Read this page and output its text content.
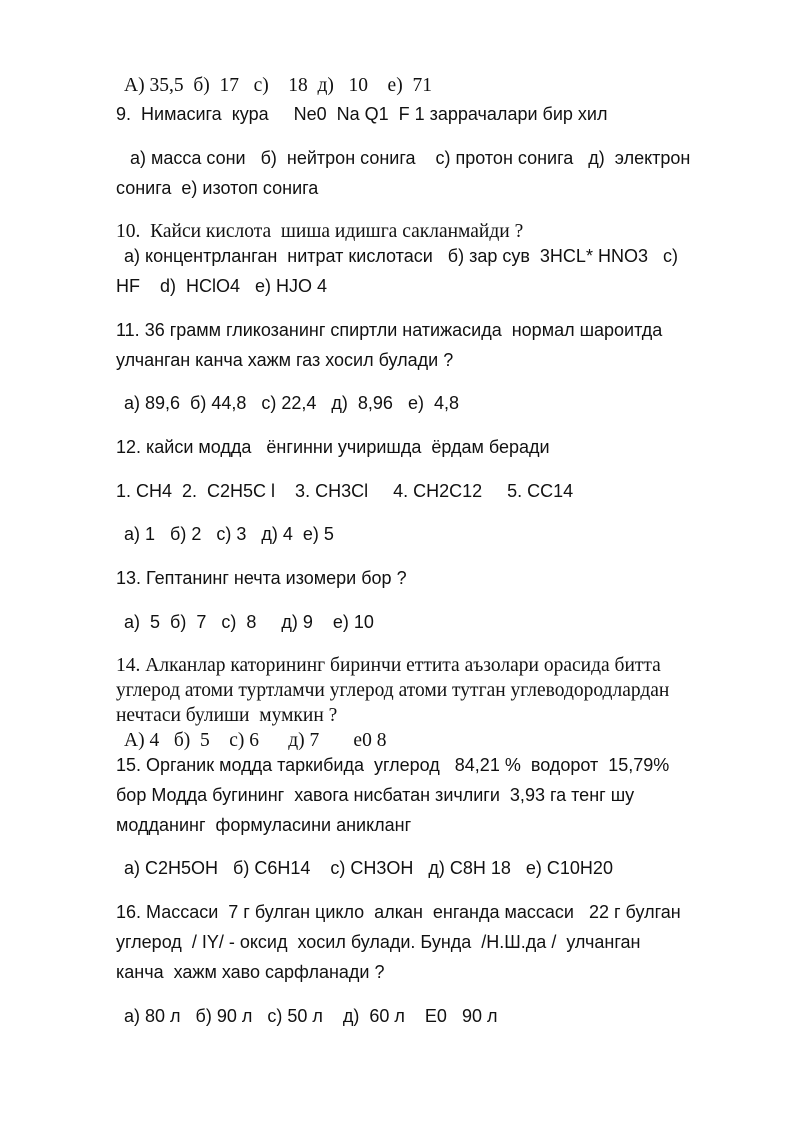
А) 35,5  б)  17   с)    18  д)   10    е)  71
9.  Нимасига  кура     Ne0  Na Q1  F 1 заррачалари бир хил
а) масса сони   б)  нейтрон сонига    с) протон сонига   д)  электрон
сонига  е) изотоп сонига
10.  Кайси кислота  шиша идишга сакланмайди ?
а) концентрланган  нитрат кислотаси   б) зар сув  3HCL* HNO3   c)
HF    d)  HClO4   e) HJO 4
11. 36 грамм гликозанинг спиртли натижасида  нормал шароитда
улчанган канча хажм газ хосил булади ?
а) 89,6  б) 44,8   с) 22,4   д)  8,96   е)  4,8
12. кайси модда   ёнгинни учиришда  ёрдам беради
1. CH4  2.  C2H5C l    3. CH3Cl     4. CH2C12     5. CC14
а) 1   б) 2   с) 3   д) 4  е) 5
13. Гептанинг нечта изомери бор ?
а)  5  б)  7   с)  8     д) 9    е) 10
14. Алканлар каторининг биринчи еттита аъзолари орасида битта
углерод атоми туртламчи углерод атоми тутган углеводородлардан
нечтаси булиши  мумкин ?
А) 4   б)  5    с) 6      д) 7       е0 8
15. Органик модда таркибида  углерод   84,21 %  водорот  15,79%
бор Модда бугининг  хавога нисбатан зичлиги  3,93 га тенг шу
модданинг  формуласини аникланг
а) C2H5OH   б) C6H14    с) CH3OH   д) C8H 18   е) C10H20
16. Массаси  7 г булган цикло  алкан  енганда массаси   22 г булган
углерод  / IY/ - оксид  хосил булади. Бунда  /Н.Ш.да /  улчанган
канча  хажм хаво сарфланади ?
а) 80 л   б) 90 л   с) 50 л    д)  60 л    Е0   90 л
